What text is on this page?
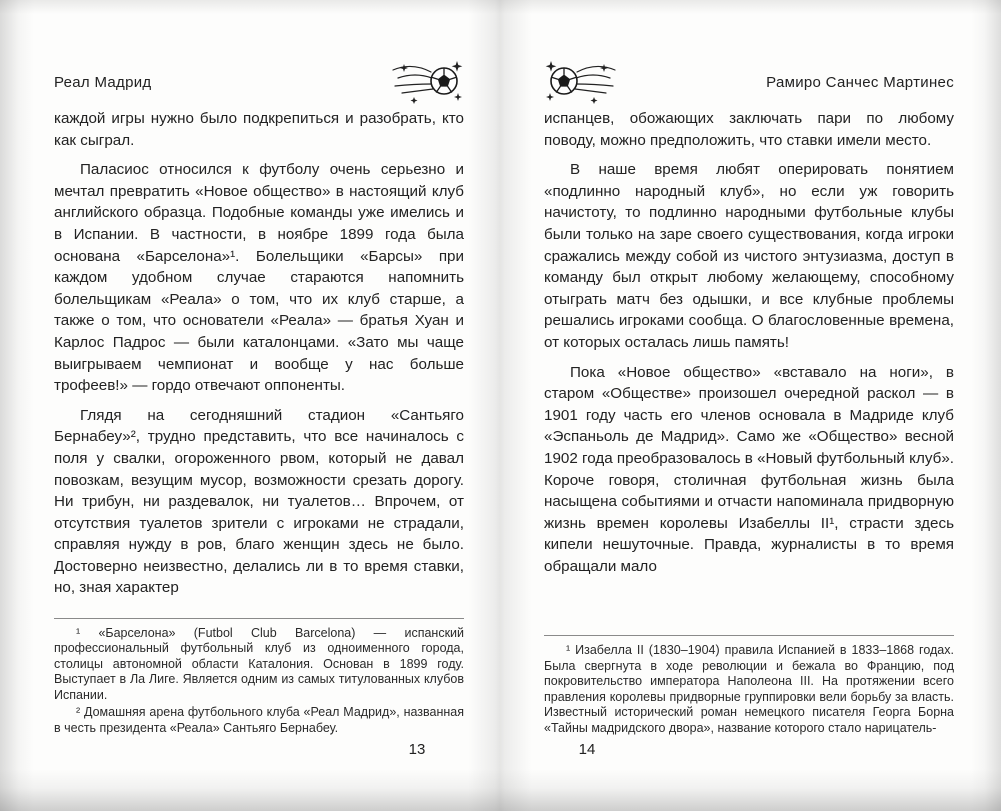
Реал Мадрид

каждой игры нужно было подкрепиться и разобрать, кто как сыграл.

Паласиос относился к футболу очень серьезно и мечтал превратить «Новое общество» в настоящий клуб английского образца. Подобные команды уже имелись и в Испании. В частности, в ноябре 1899 года была основана «Барселона»¹. Болельщики «Барсы» при каждом удобном случае стараются напомнить болельщикам «Реала» о том, что их клуб старше, а также о том, что основатели «Реала» — братья Хуан и Карлос Падрос — были каталонцами. «Зато мы чаще выигрываем чемпионат и вообще у нас больше трофеев!» — гордо отвечают оппоненты.

Глядя на сегодняшний стадион «Сантьяго Бернабеу»², трудно представить, что все начиналось с поля у свалки, огороженного рвом, который не давал повозкам, везущим мусор, возможности срезать дорогу. Ни трибун, ни раздевалок, ни туалетов… Впрочем, от отсутствия туалетов зрители с игроками не страдали, справляя нужду в ров, благо женщин здесь не было. Достоверно неизвестно, делались ли в то время ставки, но, зная характер

¹ «Барселона» (Futbol Club Barcelona) — испанский профессиональный футбольный клуб из одноименного города, столицы автономной области Каталония. Основан в 1899 году. Выступает в Ла Лиге. Является одним из самых титулованных клубов Испании.

² Домашняя арена футбольного клуба «Реал Мадрид», названная в честь президента «Реала» Сантьяго Бернабеу.

Рамиро Санчес Мартинес

испанцев, обожающих заключать пари по любому поводу, можно предположить, что ставки имели место.

В наше время любят оперировать понятием «подлинно народный клуб», но если уж говорить начистоту, то подлинно народными футбольные клубы были только на заре своего существования, когда игроки сражались между собой из чистого энтузиазма, доступ в команду был открыт любому желающему, способному отыграть матч без одышки, и все клубные проблемы решались игроками сообща. О благословенные времена, от которых осталась лишь память!

Пока «Новое общество» «вставало на ноги», в старом «Обществе» произошел очередной раскол — в 1901 году часть его членов основала в Мадриде клуб «Эспаньоль де Мадрид». Само же «Общество» весной 1902 года преобразовалось в «Новый футбольный клуб». Короче говоря, столичная футбольная жизнь была насыщена событиями и отчасти напоминала придворную жизнь времен королевы Изабеллы II¹, страсти здесь кипели нешуточные. Правда, журналисты в то время обращали мало

¹ Изабелла II (1830–1904) правила Испанией в 1833–1868 годах. Была свергнута в ходе революции и бежала во Францию, под покровительство императора Наполеона III. На протяжении всего правления королевы придворные группировки вели борьбу за власть. Известный исторический роман немецкого писателя Георга Борна «Тайны мадридского двора», название которого стало нарицатель-

13	14
